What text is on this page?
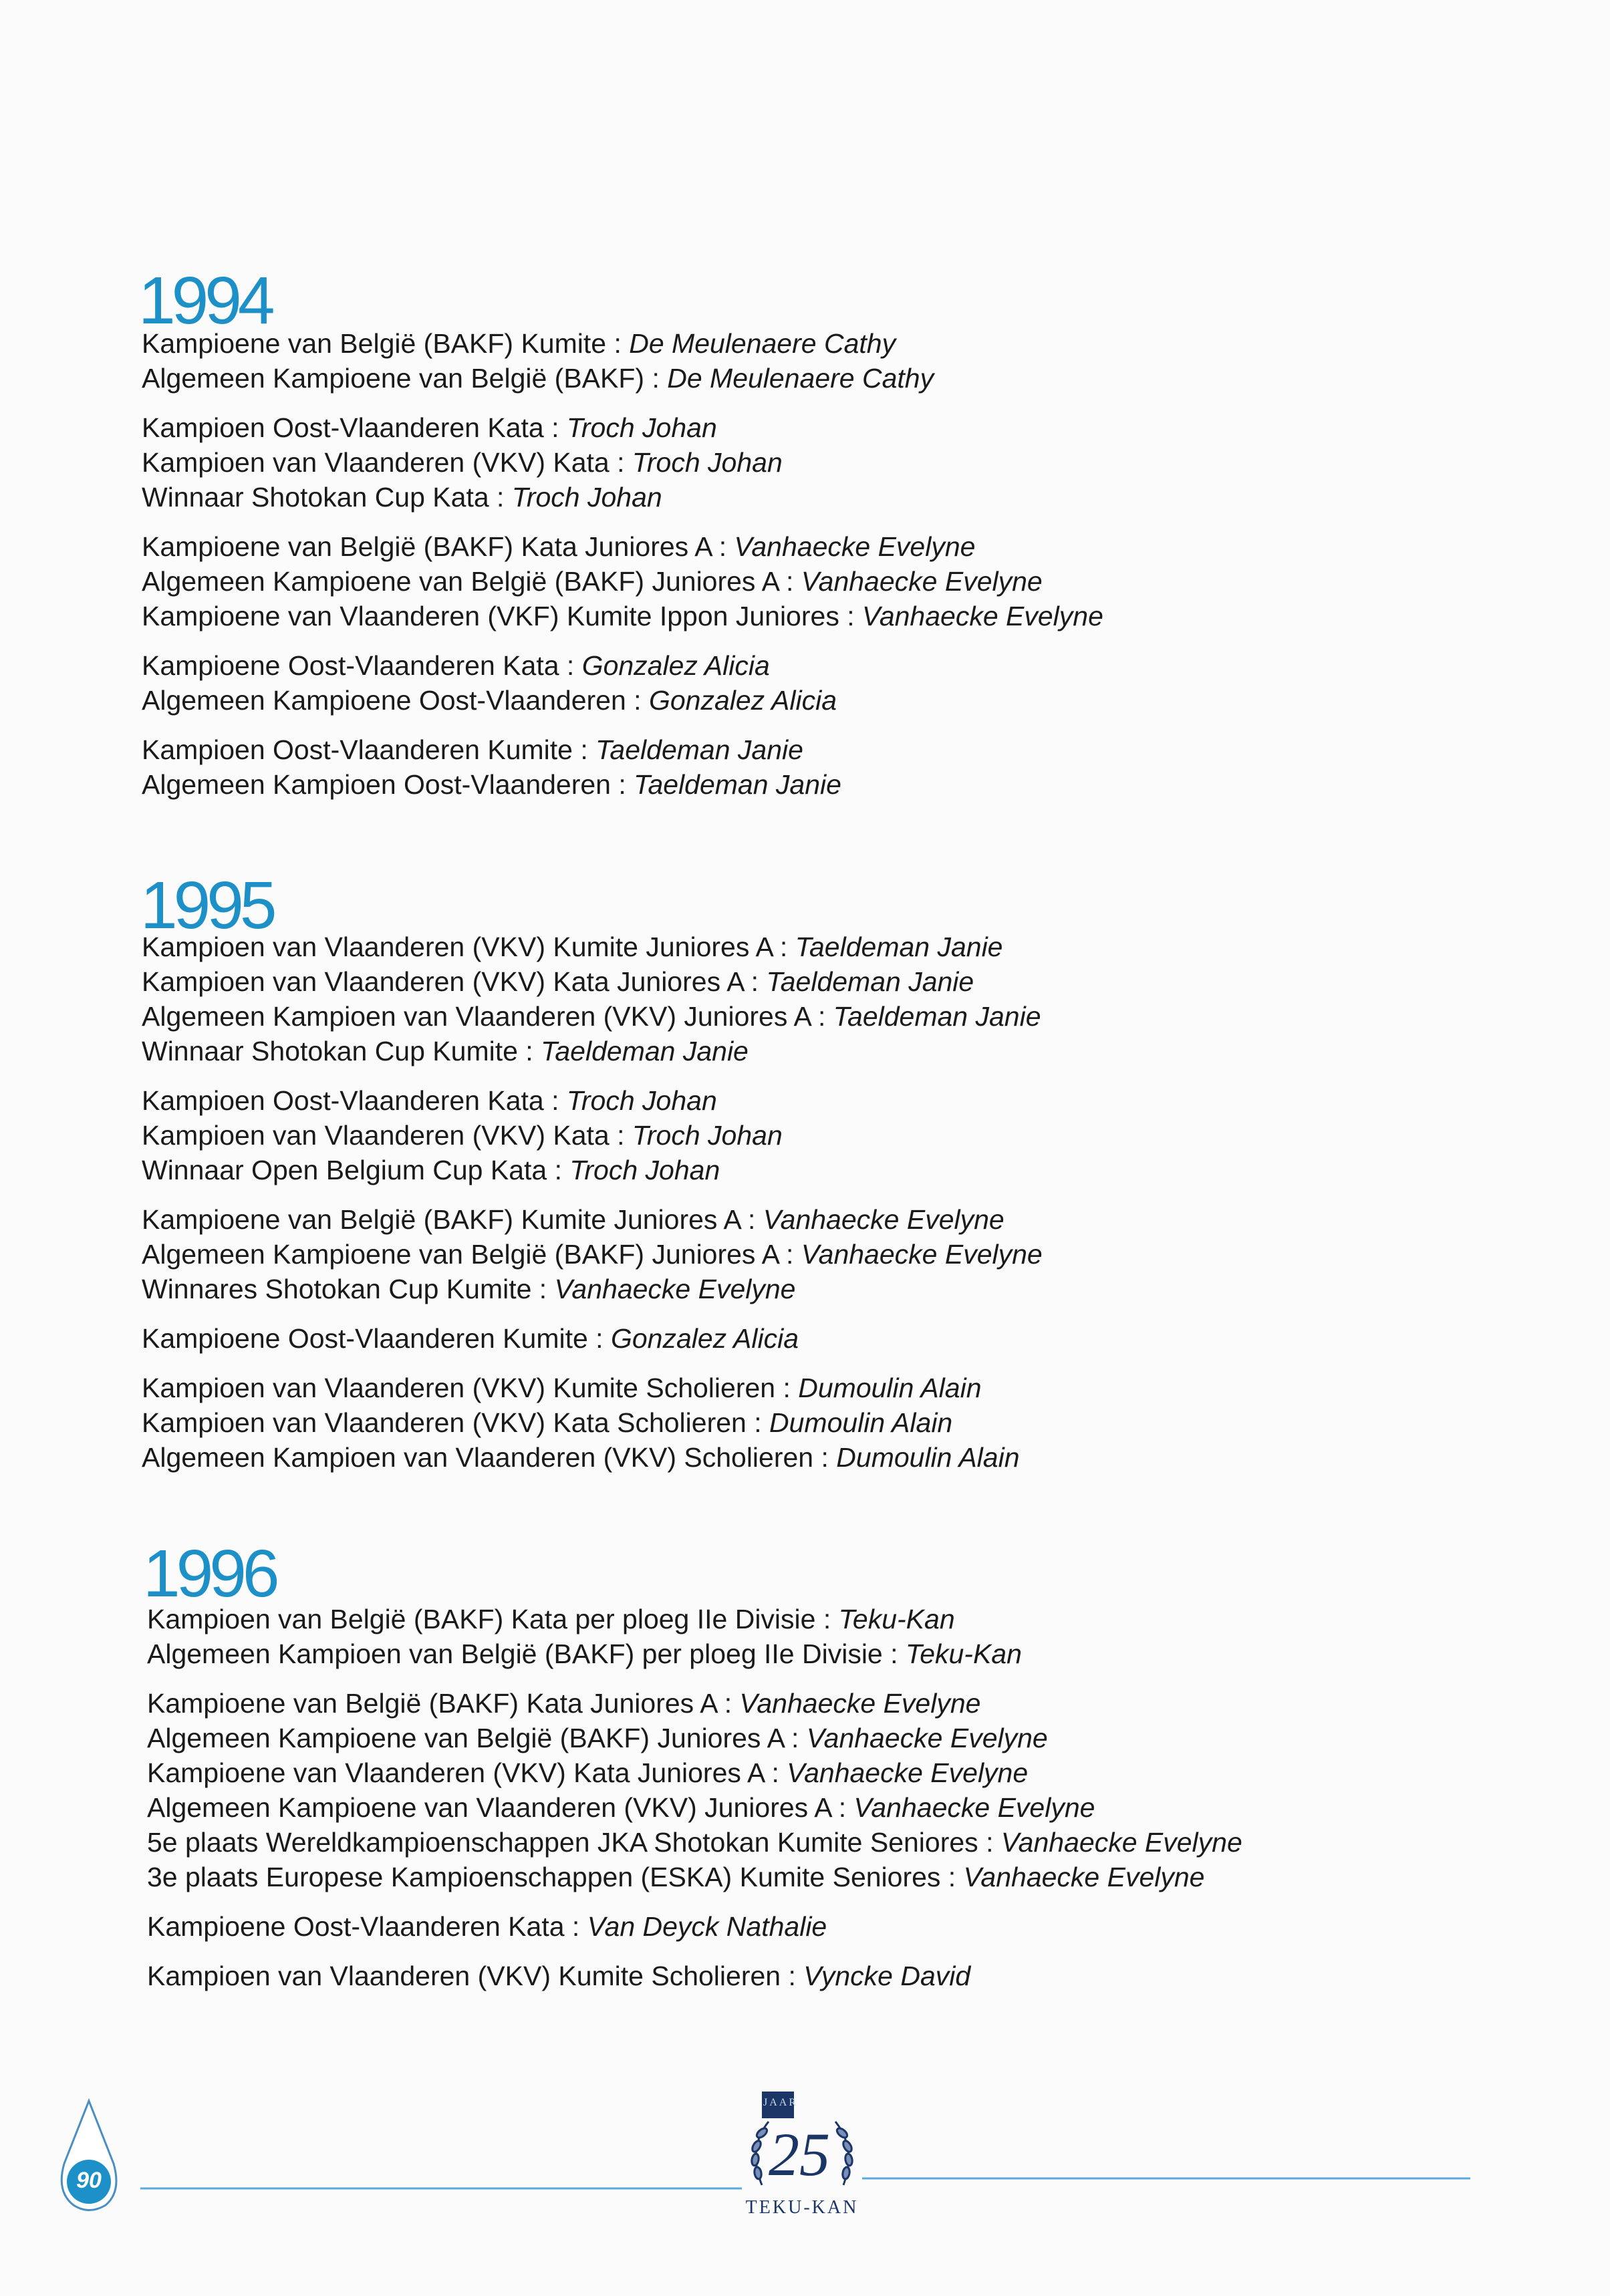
1994
Kampioene van België (BAKF) Kumite : De Meulenaere Cathy
Algemeen Kampioene van België (BAKF) : De Meulenaere Cathy
Kampioen Oost-Vlaanderen Kata : Troch Johan
Kampioen van Vlaanderen (VKV) Kata : Troch Johan
Winnaar Shotokan Cup Kata : Troch Johan
Kampioene van België (BAKF) Kata Juniores A : Vanhaecke Evelyne
Algemeen Kampioene van België (BAKF) Juniores A : Vanhaecke Evelyne
Kampioene van Vlaanderen (VKF) Kumite Ippon Juniores : Vanhaecke Evelyne
Kampioene Oost-Vlaanderen Kata : Gonzalez Alicia
Algemeen Kampioene Oost-Vlaanderen : Gonzalez Alicia
Kampioen Oost-Vlaanderen Kumite : Taeldeman Janie
Algemeen Kampioen Oost-Vlaanderen : Taeldeman Janie
1995
Kampioen van Vlaanderen (VKV) Kumite Juniores A : Taeldeman Janie
Kampioen van Vlaanderen (VKV) Kata Juniores A : Taeldeman Janie
Algemeen Kampioen van Vlaanderen (VKV) Juniores A : Taeldeman Janie
Winnaar Shotokan Cup Kumite : Taeldeman Janie
Kampioen Oost-Vlaanderen Kata : Troch Johan
Kampioen van Vlaanderen (VKV) Kata : Troch Johan
Winnaar Open Belgium Cup Kata : Troch Johan
Kampioene van België (BAKF) Kumite Juniores A : Vanhaecke Evelyne
Algemeen Kampioene van België (BAKF) Juniores A : Vanhaecke Evelyne
Winnares Shotokan Cup Kumite : Vanhaecke Evelyne
Kampioene Oost-Vlaanderen Kumite : Gonzalez Alicia
Kampioen van Vlaanderen (VKV) Kumite Scholieren : Dumoulin Alain
Kampioen van Vlaanderen (VKV) Kata Scholieren : Dumoulin Alain
Algemeen Kampioen van Vlaanderen (VKV) Scholieren : Dumoulin Alain
1996
Kampioen van België (BAKF) Kata per ploeg IIe Divisie : Teku-Kan
Algemeen Kampioen van België (BAKF) per ploeg IIe Divisie : Teku-Kan
Kampioene van België (BAKF) Kata Juniores A : Vanhaecke Evelyne
Algemeen Kampioene van België (BAKF) Juniores A : Vanhaecke Evelyne
Kampioene van Vlaanderen (VKV) Kata Juniores A : Vanhaecke Evelyne
Algemeen Kampioene van Vlaanderen (VKV) Juniores A : Vanhaecke Evelyne
5e plaats Wereldkampioenschappen JKA Shotokan Kumite Seniores : Vanhaecke Evelyne
3e plaats Europese Kampioenschappen (ESKA) Kumite Seniores : Vanhaecke Evelyne
Kampioene Oost-Vlaanderen Kata : Van Deyck Nathalie
Kampioen van Vlaanderen (VKV) Kumite Scholieren : Vyncke David
90
JAAR
25
TEKU-KAN
